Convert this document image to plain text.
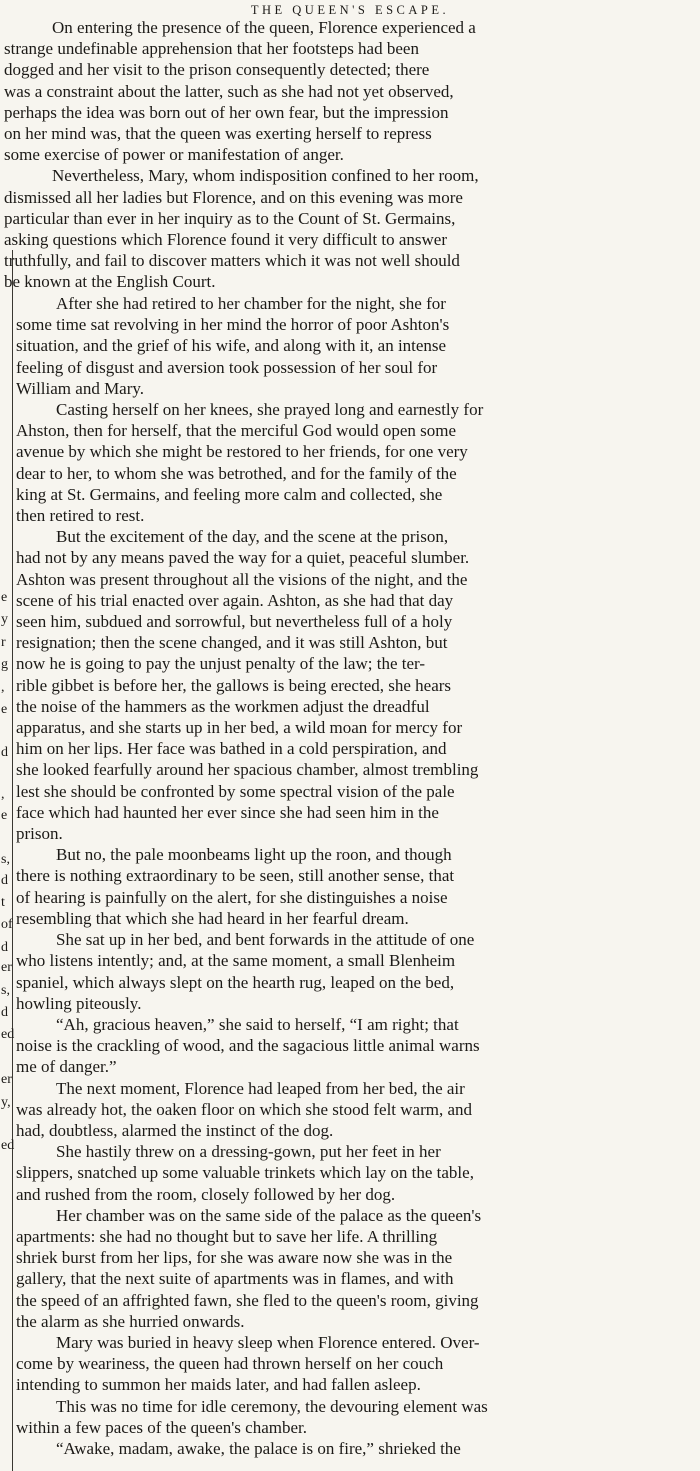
THE QUEEN'S ESCAPE.
e
y
r
g
,
e
d
,
e
s,
d
t
of
d
er
s,
d
ed
er
y,
ed

On entering the presence of the queen, Florence experienced a
strange undefinable apprehension that her footsteps had been
dogged and her visit to the prison consequently detected; there
was a constraint about the latter, such as she had not yet observed,
perhaps the idea was born out of her own fear, but the impression
on her mind was, that the queen was exerting herself to repress
some exercise of power or manifestation of anger.

Nevertheless, Mary, whom indisposition confined to her room,
dismissed all her ladies but Florence, and on this evening was more
particular than ever in her inquiry as to the Count of St. Germains,
asking questions which Florence found it very difficult to answer
truthfully, and fail to discover matters which it was not well should
be known at the English Court.

After she had retired to her chamber for the night, she for
some time sat revolving in her mind the horror of poor Ashton's
situation, and the grief of his wife, and along with it, an intense
feeling of disgust and aversion took possession of her soul for
William and Mary.

Casting herself on her knees, she prayed long and earnestly for
Ahston, then for herself, that the merciful God would open some
avenue by which she might be restored to her friends, for one very
dear to her, to whom she was betrothed, and for the family of the
king at St. Germains, and feeling more calm and collected, she
then retired to rest.

But the excitement of the day, and the scene at the prison,
had not by any means paved the way for a quiet, peaceful slumber.
Ashton was present throughout all the visions of the night, and the
scene of his trial enacted over again. Ashton, as she had that day
seen him, subdued and sorrowful, but nevertheless full of a holy
resignation; then the scene changed, and it was still Ashton, but
now he is going to pay the unjust penalty of the law; the ter-
rible gibbet is before her, the gallows is being erected, she hears
the noise of the hammers as the workmen adjust the dreadful
apparatus, and she starts up in her bed, a wild moan for mercy for
him on her lips. Her face was bathed in a cold perspiration, and
she looked fearfully around her spacious chamber, almost trembling
lest she should be confronted by some spectral vision of the pale
face which had haunted her ever since she had seen him in the
prison.

But no, the pale moonbeams light up the roon, and though
there is nothing extraordinary to be seen, still another sense, that
of hearing is painfully on the alert, for she distinguishes a noise
resembling that which she had heard in her fearful dream.

She sat up in her bed, and bent forwards in the attitude of one
who listens intently; and, at the same moment, a small Blenheim
spaniel, which always slept on the hearth rug, leaped on the bed,
howling piteously.

“Ah, gracious heaven,” she said to herself, “I am right; that
noise is the crackling of wood, and the sagacious little animal warns
me of danger.”

The next moment, Florence had leaped from her bed, the air
was already hot, the oaken floor on which she stood felt warm, and
had, doubtless, alarmed the instinct of the dog.

She hastily threw on a dressing-gown, put her feet in her
slippers, snatched up some valuable trinkets which lay on the table,
and rushed from the room, closely followed by her dog.

Her chamber was on the same side of the palace as the queen's
apartments: she had no thought but to save her life. A thrilling
shriek burst from her lips, for she was aware now she was in the
gallery, that the next suite of apartments was in flames, and with
the speed of an affrighted fawn, she fled to the queen's room, giving
the alarm as she hurried onwards.

Mary was buried in heavy sleep when Florence entered. Over-
come by weariness, the queen had thrown herself on her couch
intending to summon her maids later, and had fallen asleep.

This was no time for idle ceremony, the devouring element was
within a few paces of the queen's chamber.

“Awake, madam, awake, the palace is on fire,” shrieked the
